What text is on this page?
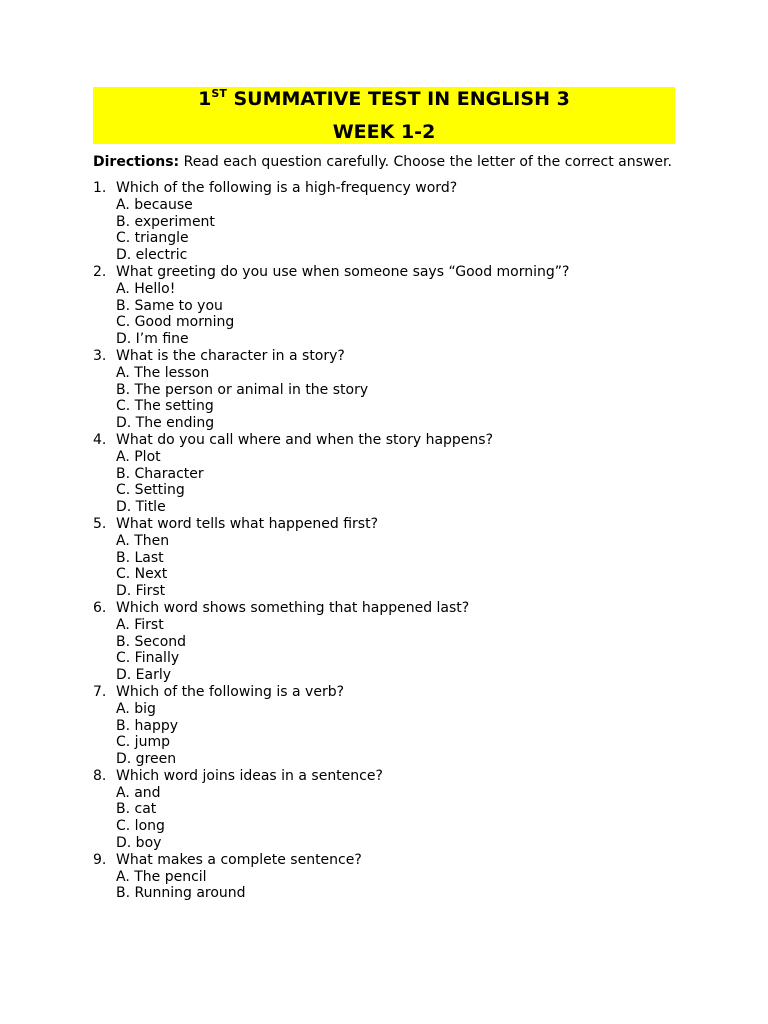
1ST SUMMATIVE TEST IN ENGLISH 3
WEEK 1-2
Directions: Read each question carefully. Choose the letter of the correct answer.
1. Which of the following is a high-frequency word?
A. because
B. experiment
C. triangle
D. electric
2. What greeting do you use when someone says “Good morning”?
A. Hello!
B. Same to you
C. Good morning
D. I’m fine
3. What is the character in a story?
A. The lesson
B. The person or animal in the story
C. The setting
D. The ending
4. What do you call where and when the story happens?
A. Plot
B. Character
C. Setting
D. Title
5. What word tells what happened first?
A. Then
B. Last
C. Next
D. First
6. Which word shows something that happened last?
A. First
B. Second
C. Finally
D. Early
7. Which of the following is a verb?
A. big
B. happy
C. jump
D. green
8. Which word joins ideas in a sentence?
A. and
B. cat
C. long
D. boy
9. What makes a complete sentence?
A. The pencil
B. Running around
